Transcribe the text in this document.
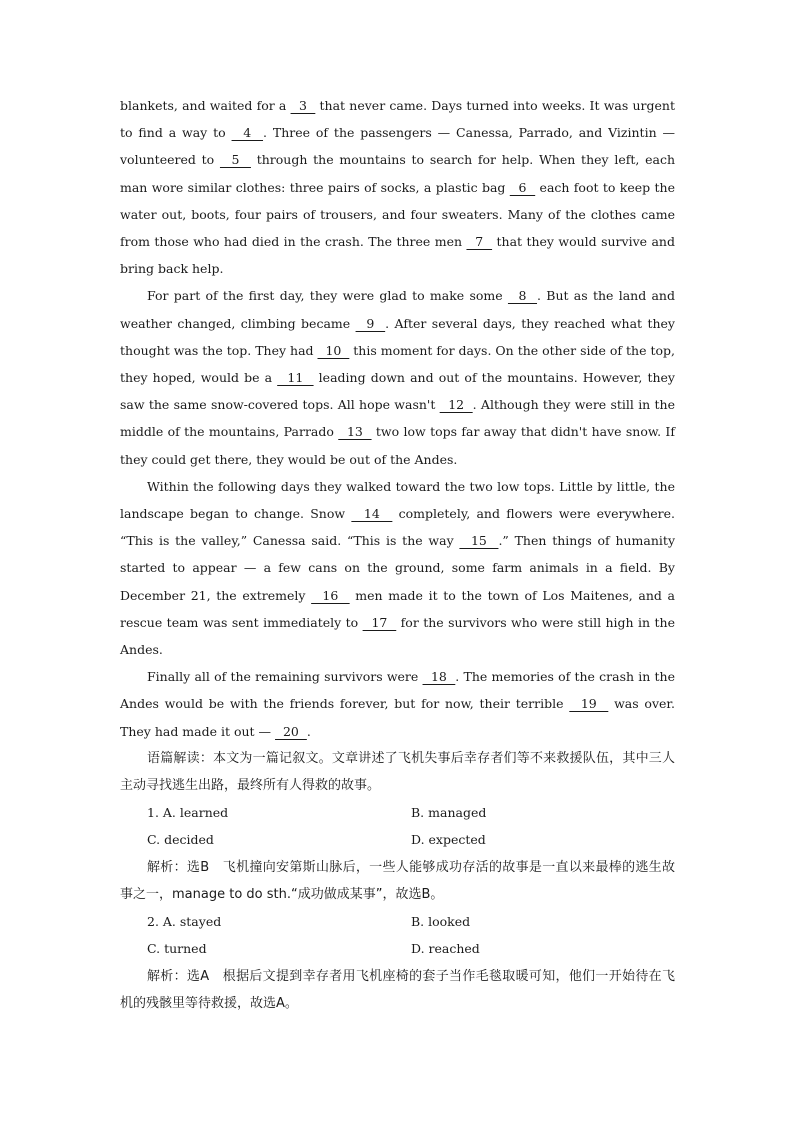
blankets, and waited for a   3   that never came. Days turned into weeks. It was urgent to find a way to   4  . Three of the passengers — Canessa, Parrado, and Vizintin — volunteered to   5   through the mountains to search for help. When they left, each man wore similar clothes: three pairs of socks, a plastic bag   6   each foot to keep the water out, boots, four pairs of trousers, and four sweaters. Many of the clothes came from those who had died in the crash. The three men   7   that they would survive and bring back help.

For part of the first day, they were glad to make some   8  . But as the land and weather changed, climbing became   9  . After several days, they reached what they thought was the top. They had   10   this moment for days. On the other side of the top, they hoped, would be a   11   leading down and out of the mountains. However, they saw the same snow-covered tops. All hope wasn't   12  . Although they were still in the middle of the mountains, Parrado   13   two low tops far away that didn't have snow. If they could get there, they would be out of the Andes.

Within the following days they walked toward the two low tops. Little by little, the landscape began to change. Snow   14   completely, and flowers were everywhere. “This is the valley,” Canessa said. “This is the way   15  .” Then things of humanity started to appear — a few cans on the ground, some farm animals in a field. By December 21, the extremely   16   men made it to the town of Los Maitenes, and a rescue team was sent immediately to   17   for the survivors who were still high in the Andes.

Finally all of the remaining survivors were   18  . The memories of the crash in the Andes would be with the friends forever, but for now, their terrible   19   was over. They had made it out —   20  .

语篇解读：本文为一篇记叙文。文章讲述了飞机失事后幸存者们等不来救援队伍，其中三人主动寻找逃生出路，最终所有人得救的故事。

1. A. learned	B. managed
C. decided	D. expected

解析：选B　飞机撞向安第斯山脉后，一些人能够成功存活的故事是一直以来最棒的逃生故事之一，manage to do sth.“成功做成某事”，故选B。

2. A. stayed	B. looked
C. turned	D. reached

解析：选A　根据后文提到幸存者用飞机座椅的套子当作毛毯取暖可知，他们一开始待在飞机的残骸里等待救援，故选A。
